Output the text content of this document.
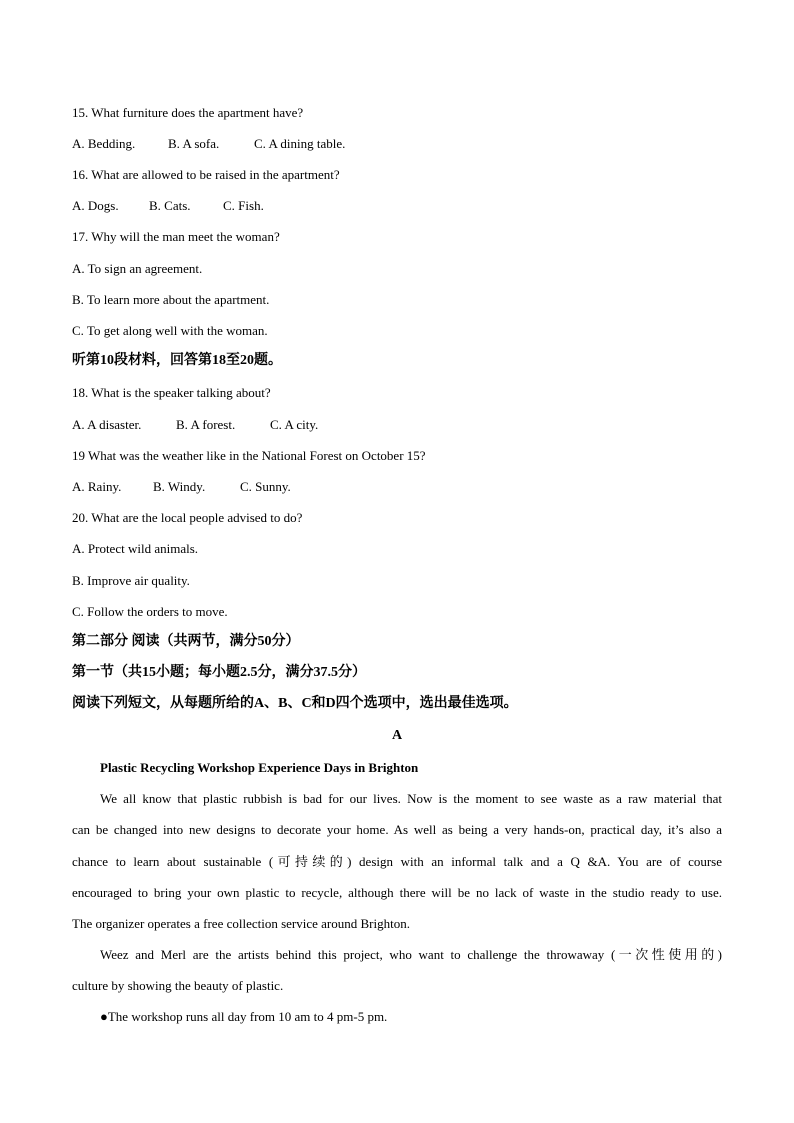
15. What furniture does the apartment have?
A. Bedding.	B. A sofa.	C. A dining table.
16. What are allowed to be raised in the apartment?
A. Dogs. B. Cats. C. Fish.
17. Why will the man meet the woman?
A. To sign an agreement.
B. To learn more about the apartment.
C. To get along well with the woman.
听第10段材料，回答第18至20题。
18. What is the speaker talking about?
A. A disaster.	B. A forest.	C. A city.
19 What was the weather like in the National Forest on October 15?
A. Rainy. B. Windy.	C. Sunny.
20. What are the local people advised to do?
A. Protect wild animals.
B. Improve air quality.
C. Follow the orders to move.
第二部分 阅读（共两节，满分50分）
第一节（共15小题；每小题2.5分，满分37.5分）
阅读下列短文，从每题所给的A、B、C和D四个选项中，选出最佳选项。
A
Plastic Recycling Workshop Experience Days in Brighton
We all know that plastic rubbish is bad for our lives. Now is the moment to see waste as a raw material that
can be changed into new designs to decorate your home. As well as being a very hands-on, practical day, it’s also a
chance to learn about sustainable (可持续的) design with an informal talk and a Q &A. You are of course
encouraged to bring your own plastic to recycle, although there will be no lack of waste in the studio ready to use.
The organizer operates a free collection service around Brighton.
Weez and Merl are the artists behind this project, who want to challenge the throwaway (一次性使用的)
culture by showing the beauty of plastic.
●The workshop runs all day from 10 am to 4 pm-5 pm.
